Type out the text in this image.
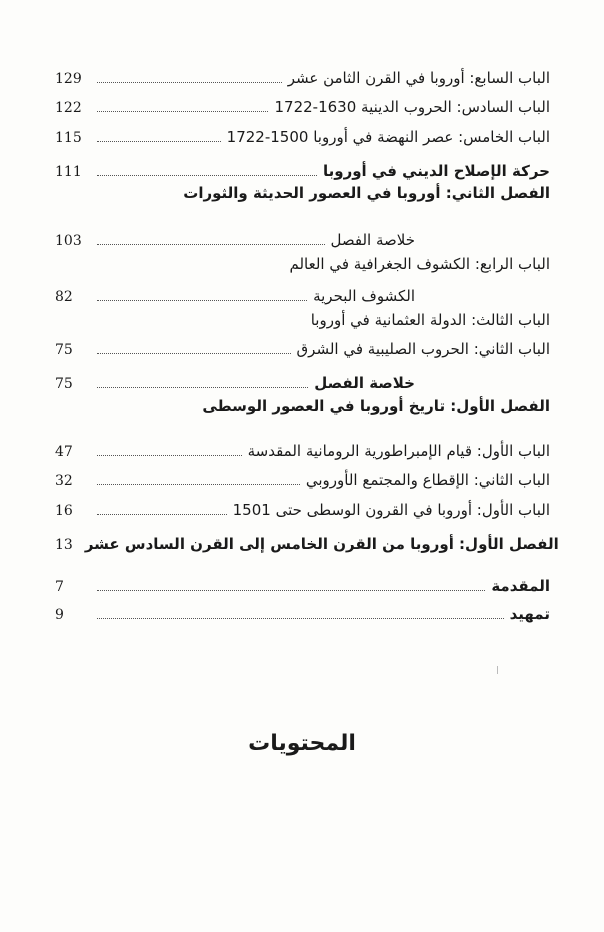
129	الباب السابع: أوروبا في القرن الثامن عشر
122	الباب السادس: الحروب الدينية 1630-1722
115	الباب الخامس: عصر النهضة في أوروبا 1500-1722
111	حركة الإصلاح الديني في أوروبا
الفصل الثاني: أوروبا في العصور الحديثة والثورات
103	خلاصة الفصل
الباب الرابع: الكشوف الجغرافية في العالم
82	الكشوف البحرية
الباب الثالث: الدولة العثمانية في أوروبا
75	الباب الثاني: الحروب الصليبية في الشرق
75	خلاصة الفصل
الفصل الأول: تاريخ أوروبا في العصور الوسطى
47	الباب الأول: قيام الإمبراطورية الرومانية المقدسة
32	الباب الثاني: الإقطاع والمجتمع الأوروبي
16	الباب الأول: أوروبا في القرون الوسطى حتى 1501
13 الفصل الأول: أوروبا من القرن الخامس إلى القرن السادس عشر
7	المقدمة
9	تمهيد
المحتويات
